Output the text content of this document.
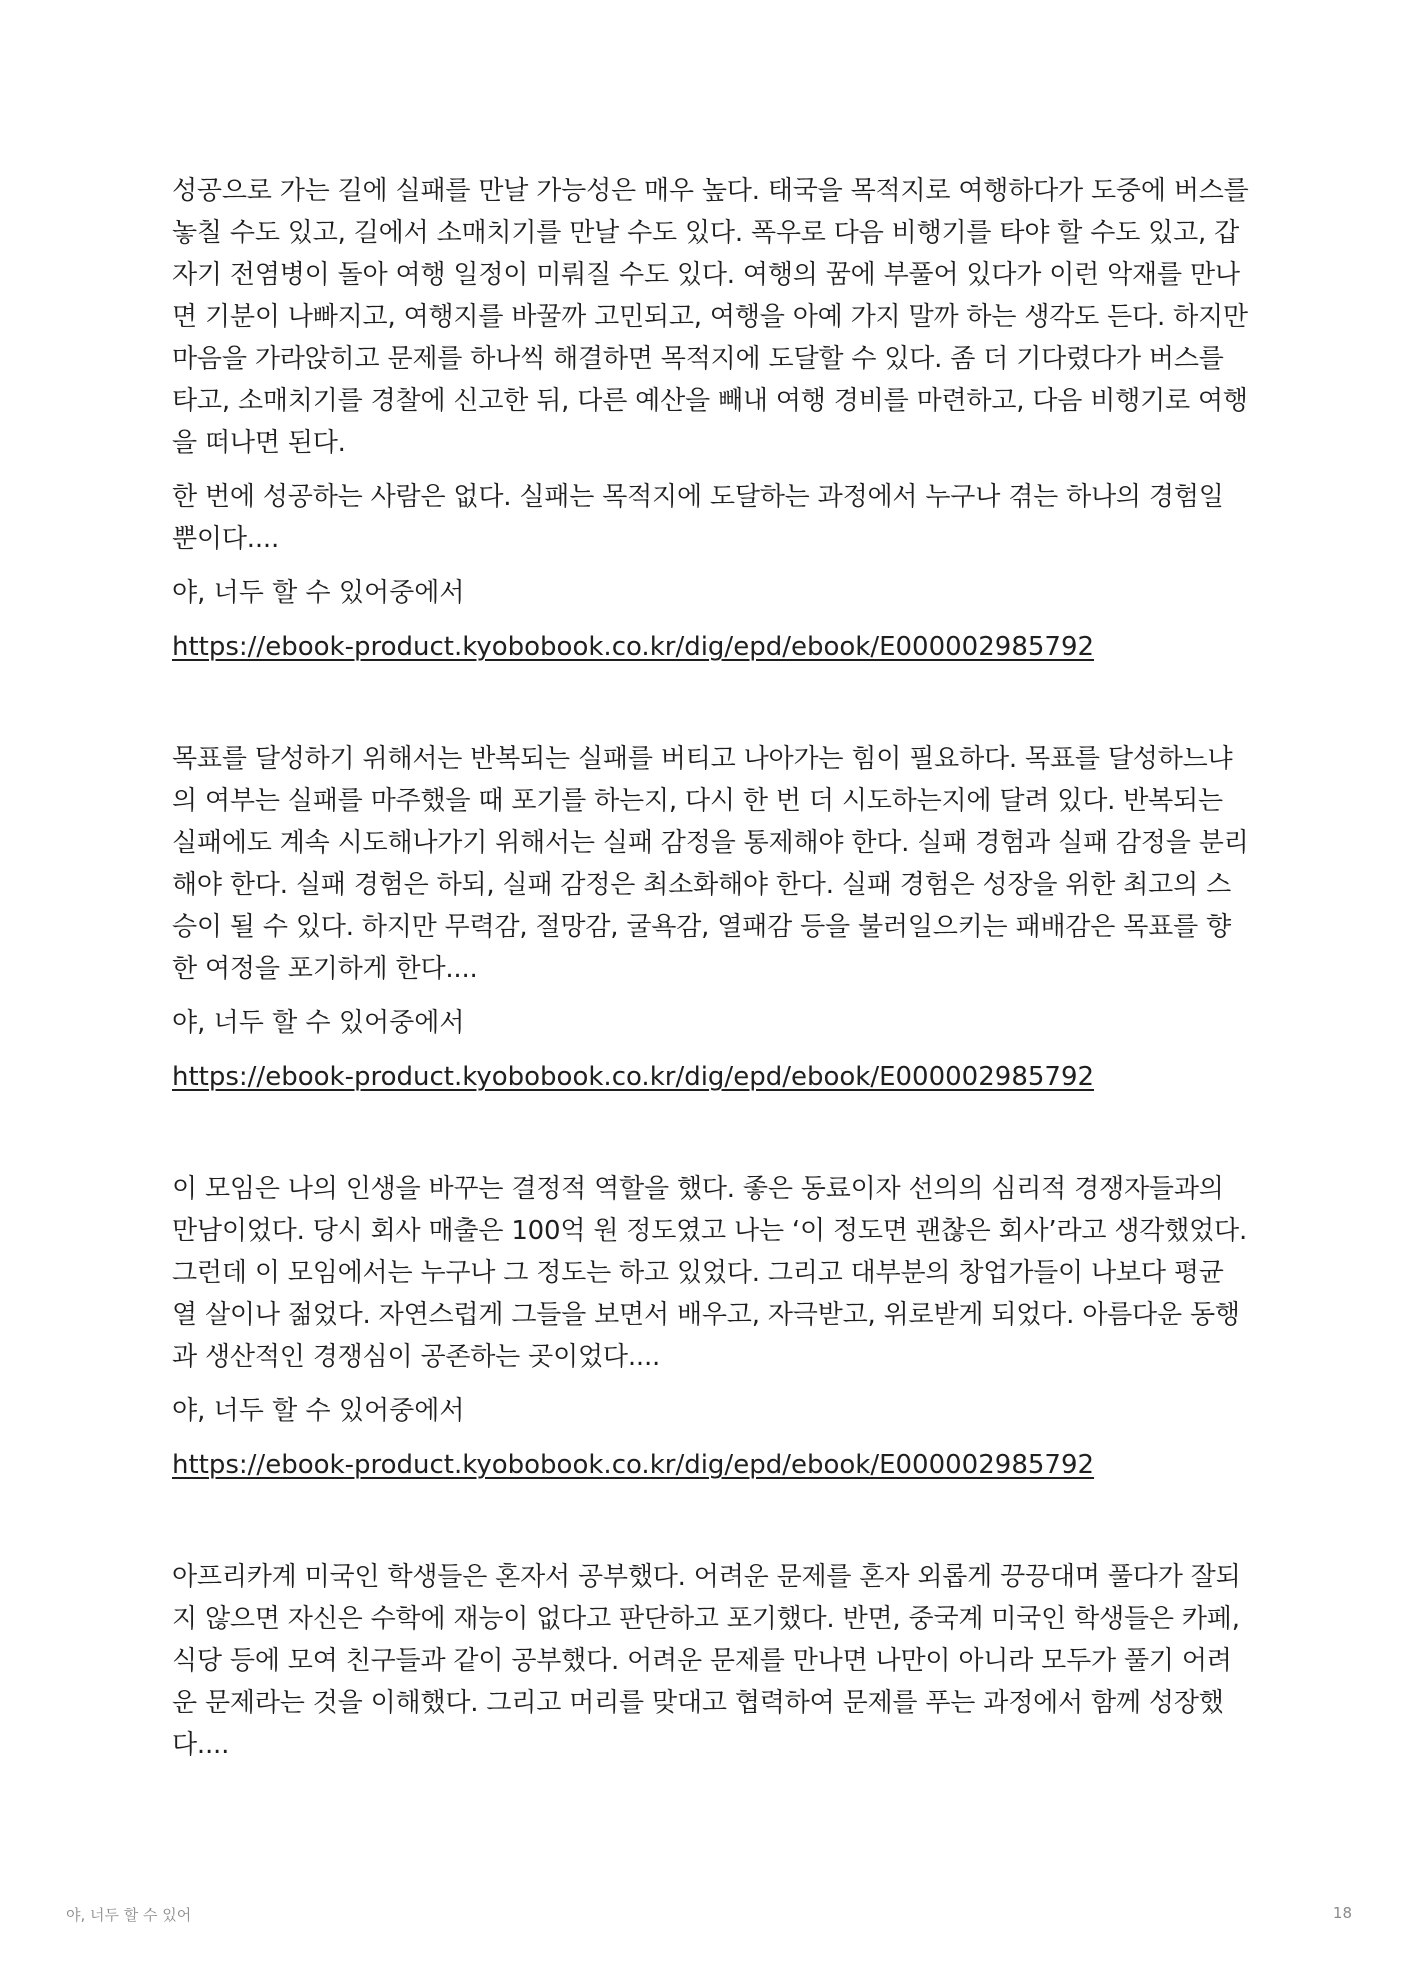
성공으로 가는 길에 실패를 만날 가능성은 매우 높다. 태국을 목적지로 여행하다가 도중에 버스를 놓칠 수도 있고, 길에서 소매치기를 만날 수도 있다. 폭우로 다음 비행기를 타야 할 수도 있고, 갑자기 전염병이 돌아 여행 일정이 미뤄질 수도 있다. 여행의 꿈에 부풀어 있다가 이런 악재를 만나면 기분이 나빠지고, 여행지를 바꿀까 고민되고, 여행을 아예 가지 말까 하는 생각도 든다. 하지만 마음을 가라앉히고 문제를 하나씩 해결하면 목적지에 도달할 수 있다. 좀 더 기다렸다가 버스를 타고, 소매치기를 경찰에 신고한 뒤, 다른 예산을 빼내 여행 경비를 마련하고, 다음 비행기로 여행을 떠나면 된다.

한 번에 성공하는 사람은 없다. 실패는 목적지에 도달하는 과정에서 누구나 겪는 하나의 경험일 뿐이다....

야, 너두 할 수 있어중에서
https://ebook-product.kyobobook.co.kr/dig/epd/ebook/E000002985792

목표를 달성하기 위해서는 반복되는 실패를 버티고 나아가는 힘이 필요하다. 목표를 달성하느냐의 여부는 실패를 마주했을 때 포기를 하는지, 다시 한 번 더 시도하는지에 달려 있다. 반복되는 실패에도 계속 시도해나가기 위해서는 실패 감정을 통제해야 한다. 실패 경험과 실패 감정을 분리해야 한다. 실패 경험은 하되, 실패 감정은 최소화해야 한다. 실패 경험은 성장을 위한 최고의 스승이 될 수 있다. 하지만 무력감, 절망감, 굴욕감, 열패감 등을 불러일으키는 패배감은 목표를 향한 여정을 포기하게 한다....

야, 너두 할 수 있어중에서
https://ebook-product.kyobobook.co.kr/dig/epd/ebook/E000002985792

이 모임은 나의 인생을 바꾸는 결정적 역할을 했다. 좋은 동료이자 선의의 심리적 경쟁자들과의 만남이었다. 당시 회사 매출은 100억 원 정도였고 나는 ‘이 정도면 괜찮은 회사’라고 생각했었다. 그런데 이 모임에서는 누구나 그 정도는 하고 있었다. 그리고 대부분의 창업가들이 나보다 평균 열 살이나 젊었다. 자연스럽게 그들을 보면서 배우고, 자극받고, 위로받게 되었다. 아름다운 동행과 생산적인 경쟁심이 공존하는 곳이었다....

야, 너두 할 수 있어중에서
https://ebook-product.kyobobook.co.kr/dig/epd/ebook/E000002985792

아프리카계 미국인 학생들은 혼자서 공부했다. 어려운 문제를 혼자 외롭게 끙끙대며 풀다가 잘되지 않으면 자신은 수학에 재능이 없다고 판단하고 포기했다. 반면, 중국계 미국인 학생들은 카페, 식당 등에 모여 친구들과 같이 공부했다. 어려운 문제를 만나면 나만이 아니라 모두가 풀기 어려운 문제라는 것을 이해했다. 그리고 머리를 맞대고 협력하여 문제를 푸는 과정에서 함께 성장했다....

야, 너두 할 수 있어	18
